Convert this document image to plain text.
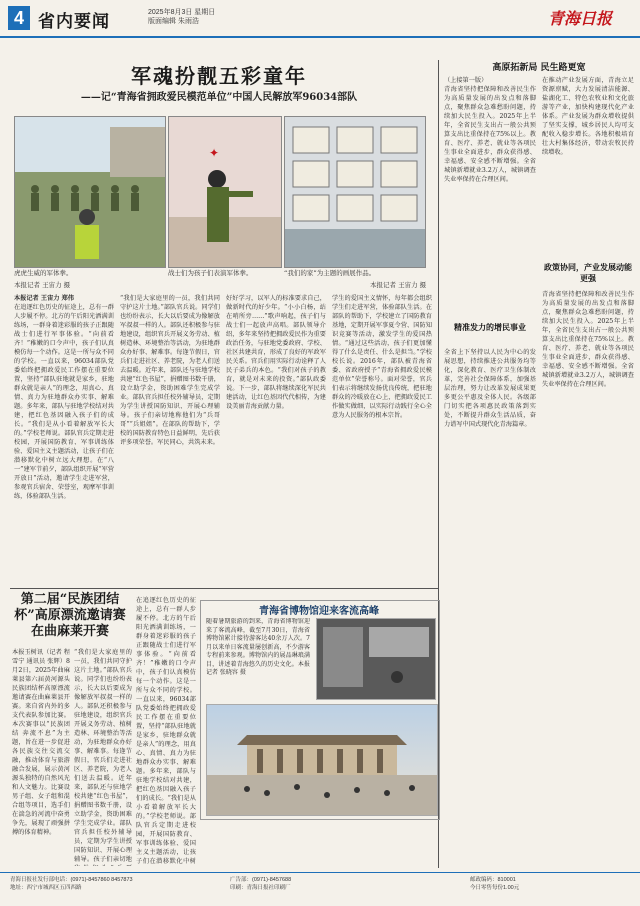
4 省内要闻	2025年8月3日 星期日
版面编辑 朱雨浩	青海日报
军魂扮靓五彩童年
——记“青海省拥政爱民模范单位”中国人民解放军96034部队
✦
虎虎生威的军体拳。	战士们为孩子们表演军体拳。	“我们的家”为主题的画展作品。
本报记者 王宙力 摄	本报记者 王宙力 摄
本报记者 王宙力 郑伟
在追逐红色历史的征途上，总有一群人步履不停。北方的午后阳光洒满训练场，一群身着迷彩服的孩子正跟随战士们进行军事体验。“向前看齐！”稚嫩的口令声中，孩子们认真模仿每一个动作。这是一所与众不同的学校。一直以来，96034部队党委始终把拥政爱民工作摆在重要位置，坚持“部队驻地就是家乡，驻地群众就是亲人”的理念，用真心、真情、真力为驻地群众办实事、解难题。多年来，部队与驻地学校结对共建，把红色基因融入孩子们的成长。“我们是从小看着解放军长大的。”学校老师说。部队官兵定期走进校园，开展国防教育、军事训练体验、爱国主义主题活动，让孩子们在潜移默化中树立远大理想。在“八一”建军节前夕，部队组织开展“军营开放日”活动，邀请学生走进军营，参观官兵宿舍、荣誉室，观摩军事训练，体验部队生活。
“我们是大家庭里的一员，我们共同守护这片土地。”部队官兵说。同学们也纷纷表示，长大以后要成为像解放军叔叔一样的人。部队还积极参与驻地建设，组织官兵开展义务劳动、植树造林、环境整治等活动，为驻地群众办好事、解难事。每逢节假日，官兵们走进社区、养老院，为老人们送去温暖。近年来，部队还与驻地学校共建“红色书屋”，捐赠图书数千册，设立助学金，资助困难学生完成学业。部队官兵担任校外辅导员，定期为学生讲授国防知识、开展心理辅导。孩子们亲切地称他们为“兵哥哥”“兵姐姐”。在部队的帮助下，学校的国防教育特色日益鲜明，先后获评多项荣誉。军民同心，共筑未来。
好好学习，以军人的标准要求自己，做新时代的好少年。“小小白杨，站在哨所旁……”歌声响起，孩子们与战士们一起放声高唱。部队领导介绍，多年来坚持把拥政爱民作为重要政治任务，与驻地党委政府、学校、社区共建共育，形成了良好的军政军民关系。官兵们用实际行动诠释了人民子弟兵的本色。“我们对孩子的教育，就是对未来的投资。”部队政委说。下一步，部队将继续深化军民共建活动，让红色基因代代相传，为建设美丽青海贡献力量。
学生的爱国主义情怀，每年都会组织学生们走进军营，体验部队生活。在部队的帮助下，学校建立了国防教育基地，定期开展军事夏令营、国防知识竞赛等活动，激发学生的爱国热情。“通过这些活动，孩子们更加懂得了什么是责任、什么是担当。”学校校长说。2016年，部队被青海省委、省政府授予“青海省拥政爱民模范单位”荣誉称号。面对荣誉，官兵们表示将继续发扬优良传统，把驻地群众的冷暖放在心上，把拥政爱民工作做实做细，以实际行动践行全心全意为人民服务的根本宗旨。
高原拓新局 民生路更宽
（上接第一版）
青海省坚持把保障和改善民生作为高质量发展的出发点和落脚点，聚焦群众急难愁盼问题，持续加大民生投入。2025年上半年，全省民生支出占一般公共预算支出比重保持在75%以上。教育、医疗、养老、就业等各项民生事业全面进步，群众获得感、幸福感、安全感不断增强。全省城镇新增就业3.2万人，城镇调查失业率保持在合理区间。
在推动产业发展方面，青海立足资源禀赋，大力发展清洁能源、盐湖化工、特色农牧业和文化旅游等产业，加快构建现代化产业体系。产业发展为群众增收提供了坚实支撑，城乡居民人均可支配收入稳步增长。各地积极培育壮大村集体经济，带动农牧民持续增收。
政策协同，产业发展动能更强
精准发力的增民事业
全省上下坚持以人民为中心的发展思想，持续推进公共服务均等化，深化教育、医疗卫生体制改革，完善社会保障体系，加强基层治理，努力让改革发展成果更多更公平惠及全体人民。各级部门切实把各项惠民政策落到实处，不断提升群众生活品质，奋力谱写中国式现代化青海篇章。
青海省坚持把保障和改善民生作为高质量发展的出发点和落脚点，聚焦群众急难愁盼问题，持续加大民生投入。2025年上半年，全省民生支出占一般公共预算支出比重保持在75%以上。教育、医疗、养老、就业等各项民生事业全面进步，群众获得感、幸福感、安全感不断增强。全省城镇新增就业3.2万人，城镇调查失业率保持在合理区间。
第二届“民族团结杯”高原漂流邀请赛在曲麻莱开赛
本报玉树讯（记者 程雪宁 通讯员 张辉）8月2日，2025年曲麻莱县第六届黄河源头民族团结杯高原漂流邀请赛在曲麻莱县开赛。来自省内外的多支代表队参加比赛。本次赛事以“民族团结 奔流不息”为主题，旨在进一步促进各民族交往交流交融，推动体育与旅游融合发展，展示黄河源头独特的自然风光和人文魅力。比赛设男子组、女子组和混合组等项目，选手们在湍急的河流中奋勇争先，展现了顽强拼搏的体育精神。
“我们是大家庭里的一员，我们共同守护这片土地。”部队官兵说。同学们也纷纷表示，长大以后要成为像解放军叔叔一样的人。部队还积极参与驻地建设，组织官兵开展义务劳动、植树造林、环境整治等活动，为驻地群众办好事、解难事。每逢节假日，官兵们走进社区、养老院，为老人们送去温暖。近年来，部队还与驻地学校共建“红色书屋”，捐赠图书数千册，设立助学金，资助困难学生完成学业。部队官兵担任校外辅导员，定期为学生讲授国防知识、开展心理辅导。孩子们亲切地
在追逐红色历史的征途上，总有一群人步履不停。北方的午后阳光洒满训练场，一群身着迷彩服的孩子正跟随战士们进行军事体验。“向前看齐！”稚嫩的口令声中，孩子们认真模仿每一个动作。这是一所与众不同的学校。一直以来，96034部队党委始终把拥政爱民工作摆在重要位置，坚持“部队驻地就是家乡，驻地群众就是亲人”的理念，用真心、真情、真力为驻地群众办实事、解难题。多年来，部队与驻地学校结对共建，把红色基因融入孩子们的成长。“我们是从小看着解放军长大的。”学校老师说。部队官兵定期走进校园，开展国防教育、军事训练体验、爱国主义主题活动，让孩子们在潜移默化中树
青海省博物馆迎来客流高峰
随着暑期旅游的到来，青海省博物馆迎来了客流高峰，截至7月30日，青海省博物馆累计接待游客达40余万人次。7月以来单日客流量屡创新高，不少游客专程前来参观。博物馆内的展品琳琅满目，讲述着青海悠久的历史文化。本报记者 张晓容 摄
青海日报社发行部电话：(0971)-8457860 8457873
地址：西宁市城西区五四西路
广告部：(0971)-8457688
印刷：青海日报社印刷厂
邮政编码：810001
今日零售每份1.00元
